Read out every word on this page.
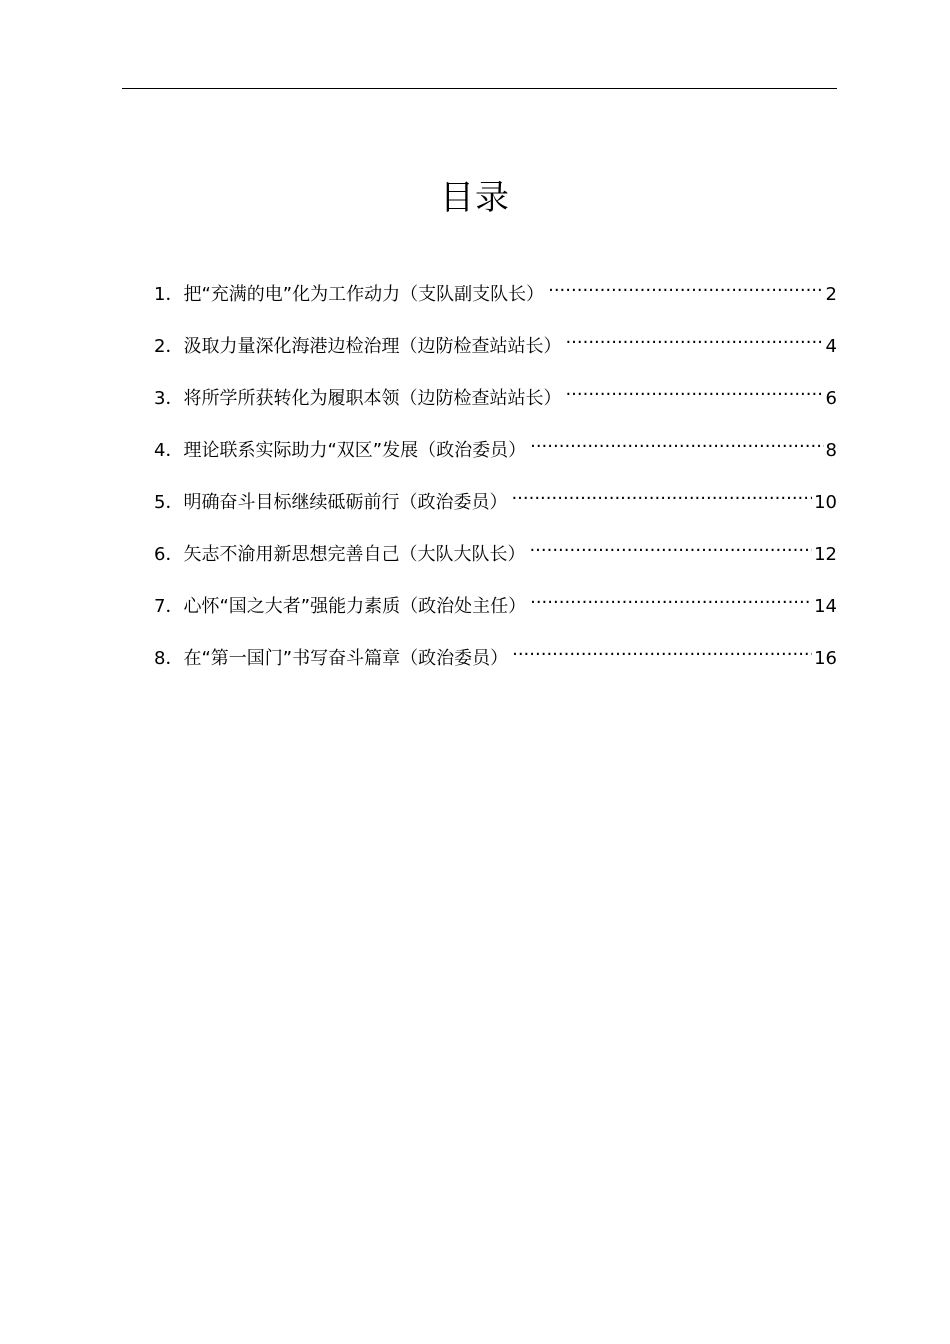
目录
1． 把“充满的电”化为工作动力（支队副支队长） .....	2
2． 汲取力量深化海港边检治理（边防检查站站长） .....	4
3． 将所学所获转化为履职本领（边防检查站站长） .....	6
4． 理论联系实际助力“双区”发展（政治委员） .....	8
5． 明确奋斗目标继续砥砺前行（政治委员） .....	10
6． 矢志不渝用新思想完善自己（大队大队长） .....	12
7． 心怀“国之大者”强能力素质（政治处主任） .....	14
8． 在“第一国门”书写奋斗篇章（政治委员） .....	16
